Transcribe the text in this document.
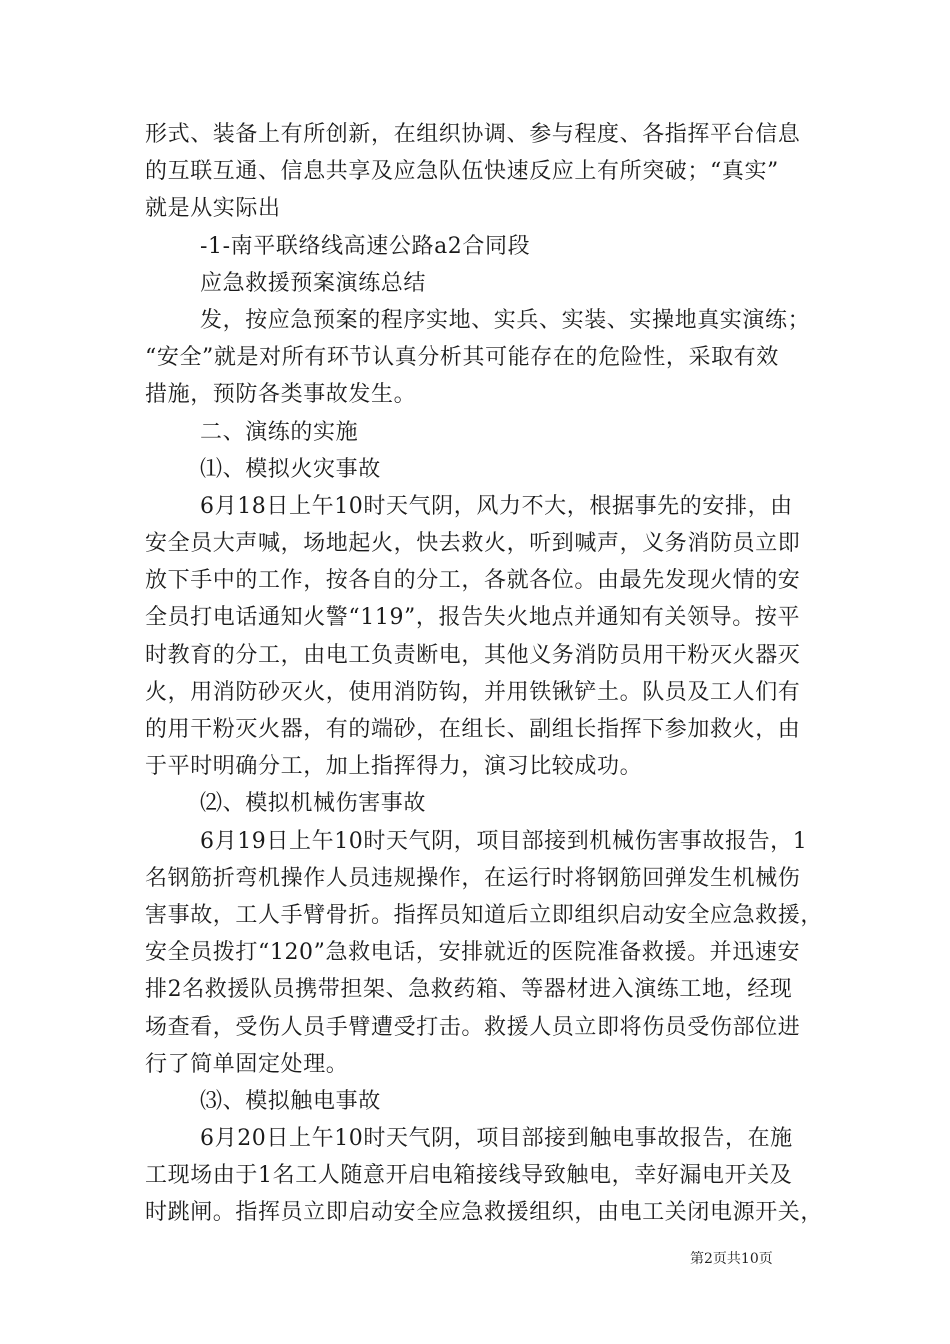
形式、装备上有所创新，在组织协调、参与程度、各指挥平台信息
的互联互通、信息共享及应急队伍快速反应上有所突破；“真实”
就是从实际出
-1-南平联络线高速公路a2合同段
应急救援预案演练总结
发，按应急预案的程序实地、实兵、实装、实操地真实演练；
“安全”就是对所有环节认真分析其可能存在的危险性，采取有效
措施，预防各类事故发生。
二、演练的实施
⑴、模拟火灾事故
6月18日上午10时天气阴，风力不大，根据事先的安排，由
安全员大声喊，场地起火，快去救火，听到喊声，义务消防员立即
放下手中的工作，按各自的分工，各就各位。由最先发现火情的安
全员打电话通知火警“119”，报告失火地点并通知有关领导。按平
时教育的分工，由电工负责断电，其他义务消防员用干粉灭火器灭
火，用消防砂灭火，使用消防钩，并用铁锹铲土。队员及工人们有
的用干粉灭火器，有的端砂，在组长、副组长指挥下参加救火，由
于平时明确分工，加上指挥得力，演习比较成功。
⑵、模拟机械伤害事故
6月19日上午10时天气阴，项目部接到机械伤害事故报告，1
名钢筋折弯机操作人员违规操作，在运行时将钢筋回弹发生机械伤
害事故，工人手臂骨折。指挥员知道后立即组织启动安全应急救援，
安全员拨打“120”急救电话，安排就近的医院准备救援。并迅速安
排2名救援队员携带担架、急救药箱、等器材进入演练工地，经现
场查看，受伤人员手臂遭受打击。救援人员立即将伤员受伤部位进
行了简单固定处理。
⑶、模拟触电事故
6月20日上午10时天气阴，项目部接到触电事故报告，在施
工现场由于1名工人随意开启电箱接线导致触电，幸好漏电开关及
时跳闸。指挥员立即启动安全应急救援组织，由电工关闭电源开关，
第2页共10页
